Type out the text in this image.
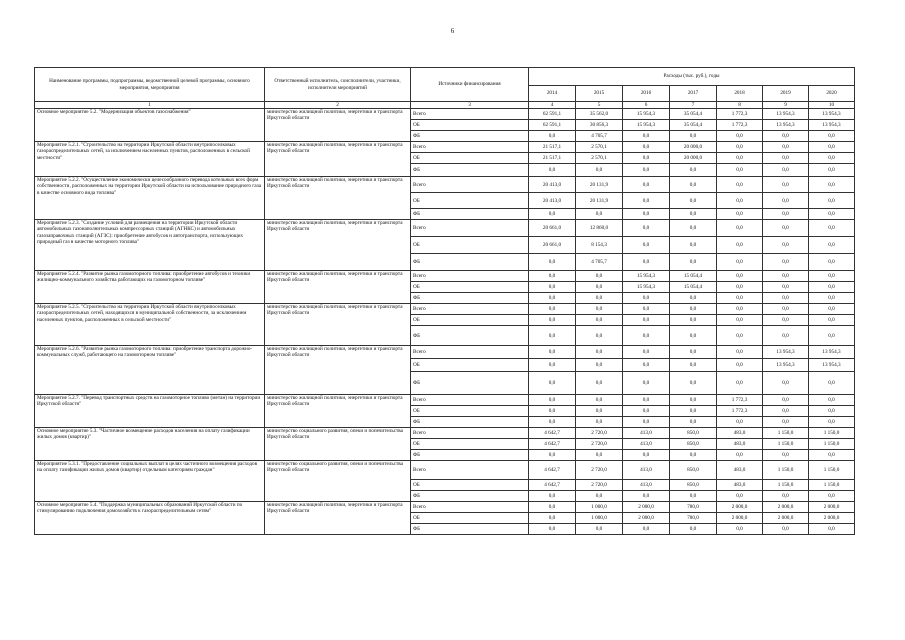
6
Наименование программы, подпрограммы, ведомственной целевой программы, основного мероприятия, мероприятия	Ответственный исполнитель, соисполнители, участники, исполнители мероприятий	Источники финансирования	Расходы (тыс. руб.), годы						
			2014	2015	2016	2017	2018	2019	2020
1	2	3	4	5	6	7	8	9	10
Основное мероприятие 5.2. "Модернизация объектов газоснабжения"	министерство жилищной политики, энергетики и транспорта Иркутской области	Всего	62 591,1	35 562,0	15 954,3	35 054,4	1 772,3	13 954,3	13 954,3
		ОБ	62 591,1	30 856,3	15 954,3	35 054,4	1 772,3	13 954,3	13 954,3
		ФБ	0,0	4 705,7	0,0	0,0	0,0	0,0	0,0
Мероприятие 5.2.1. "Строительство на территории Иркутской области внутрипоселковых газораспределительных сетей, за исключением населенных пунктов, расположенных в сельской местности"	министерство жилищной политики, энергетики и транспорта Иркутской области	Всего	21 517,1	2 570,1	0,0	20 000,0	0,0	0,0	0,0
		ОБ	21 517,1	2 570,1	0,0	20 000,0	0,0	0,0	0,0
		ФБ	0,0	0,0	0,0	0,0	0,0	0,0	0,0
Мероприятие 5.2.2. "Осуществление экономически целесообразного перевода котельных всех форм собственности, расположенных на территории Иркутской области на использование природного газа в качестве основного вида топлива"	министерство жилищной политики, энергетики и транспорта Иркутской области	Всего	20 413,0	20 131,9	0,0	0,0	0,0	0,0	0,0
		ОБ	20 413,0	20 131,9	0,0	0,0	0,0	0,0	0,0
		ФБ	0,0	0,0	0,0	0,0	0,0	0,0	0,0
Мероприятие 5.2.3. "Создание условий для размещения на территории Иркутской области автомобильных газонаполнительных компрессорных станций (АГНКС) и автомобильных газозаправочных станций (АГЗС): приобретение автобусов и автотранспорта, использующих природный газ в качестве моторного топлива"	министерство жилищной политики, энергетики и транспорта Иркутской области	Всего	20 661,0	12 860,0	0,0	0,0	0,0	0,0	0,0
		ОБ	20 661,0	8 154,3	0,0	0,0	0,0	0,0	0,0
		ФБ	0,0	4 705,7	0,0	0,0	0,0	0,0	0,0
Мероприятие 5.2.4. "Развитие рынка газомоторного топлива: приобретение автобусов и техники жилищно-коммунального хозяйства работающих на газомоторном топливе"	министерство жилищной политики, энергетики и транспорта Иркутской области	Всего	0,0	0,0	15 954,3	15 054,4	0,0	0,0	0,0
		ОБ	0,0	0,0	15 954,3	15 054,4	0,0	0,0	0,0
		ФБ	0,0	0,0	0,0	0,0	0,0	0,0	0,0
Мероприятие 5.2.5. "Строительство на территории Иркутской области внутрипоселковых газораспределительных сетей, находящихся в муниципальной собственности, за исключением населенных пунктов, расположенных в сельской местности"	министерство жилищной политики, энергетики и транспорта Иркутской области	Всего	0,0	0,0	0,0	0,0	0,0	0,0	0,0
		ОБ	0,0	0,0	0,0	0,0	0,0	0,0	0,0
		ФБ	0,0	0,0	0,0	0,0	0,0	0,0	0,0
Мероприятие 5.2.6. "Развитие рынка газомоторного топлива: приобретение транспорта дорожно-коммунальных служб, работающего на газомоторном топливе"	министерство жилищной политики, энергетики и транспорта Иркутской области	Всего	0,0	0,0	0,0	0,0	0,0	13 954,3	13 954,3
		ОБ	0,0	0,0	0,0	0,0	0,0	13 954,3	13 954,3
		ФБ	0,0	0,0	0,0	0,0	0,0	0,0	0,0
Мероприятие 5.2.7. "Перевод транспортных средств на газомоторное топливо (метан) на территории Иркутской области"	министерство жилищной политики, энергетики и транспорта Иркутской области	Всего	0,0	0,0	0,0	0,0	1 772,3	0,0	0,0
		ОБ	0,0	0,0	0,0	0,0	1 772,3	0,0	0,0
		ФБ	0,0	0,0	0,0	0,0	0,0	0,0	0,0
Основное мероприятие 5.3. "Частичное возмещение расходов населения на оплату газификации жилых домов (квартир)"	министерство социального развития, опеки и попечительства Иркутской области	Всего	4 642,7	2 720,0	413,0	850,0	483,0	1 150,0	1 150,0
		ОБ	4 642,7	2 720,0	413,0	850,0	483,0	1 150,0	1 150,0
		ФБ	0,0	0,0	0,0	0,0	0,0	0,0	0,0
Мероприятие 5.3.1. "Предоставление социальных выплат в целях частичного возмещения расходов на оплату газификации жилых домов (квартир) отдельным категориям граждан"	министерство социального развития, опеки и попечительства Иркутской области	Всего	4 642,7	2 720,0	413,0	850,0	483,0	1 150,0	1 150,0
		ОБ	4 642,7	2 720,0	413,0	850,0	483,0	1 150,0	1 150,0
		ФБ	0,0	0,0	0,0	0,0	0,0	0,0	0,0
Основное мероприятие 5.4. "Поддержка муниципальных образований Иркутской области по стимулированию подключения домохозяйств к газораспределительным сетям"	министерство жилищной политики, энергетики и транспорта Иркутской области	Всего	0,0	1 000,0	2 000,0	780,0	2 000,0	2 000,0	2 000,0
		ОБ	0,0	1 000,0	2 000,0	780,0	2 000,0	2 000,0	2 000,0
		ФБ	0,0	0,0	0,0	0,0	0,0	0,0	0,0
